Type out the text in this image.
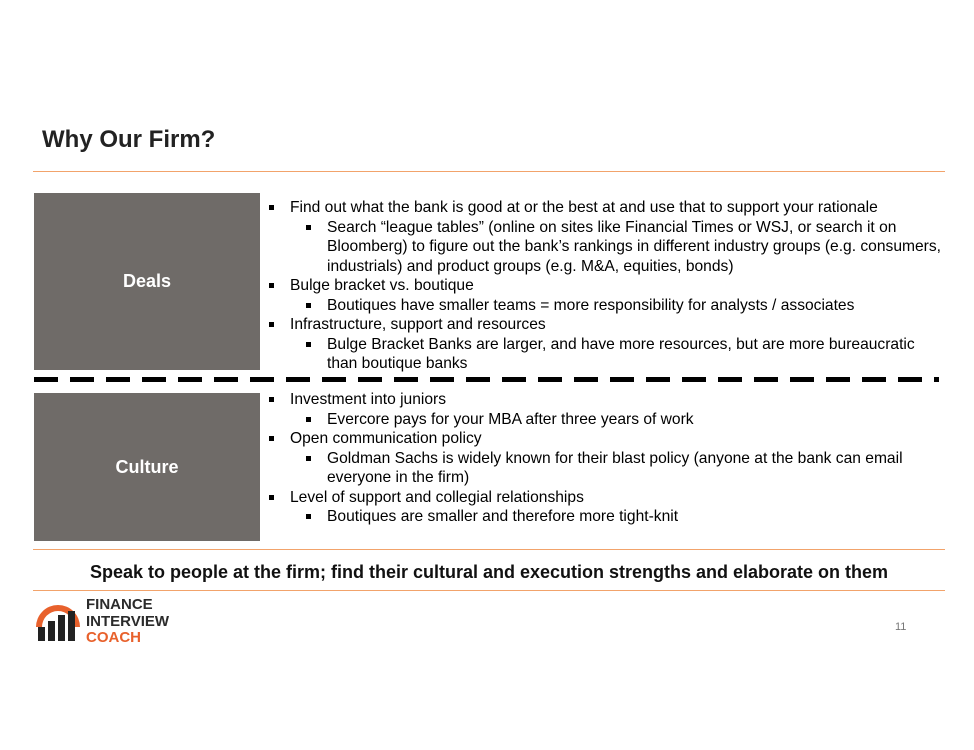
Why Our Firm?
Deals
Find out what the bank is good at or the best at and use that to support your rationale
Search “league tables” (online on sites like Financial Times or WSJ, or search it on Bloomberg) to figure out the bank’s rankings in different industry groups (e.g. consumers, industrials) and product groups (e.g. M&A, equities, bonds)
Bulge bracket vs. boutique
Boutiques have smaller teams = more responsibility for analysts / associates
Infrastructure, support and resources
Bulge Bracket Banks are larger, and have more resources, but are more bureaucratic than boutique banks
Culture
Investment into juniors
Evercore pays for your MBA after three years of work
Open communication policy
Goldman Sachs is widely known for their blast policy (anyone at the bank can email everyone in the firm)
Level of support and collegial relationships
Boutiques are smaller and therefore more tight-knit
Speak to people at the firm; find their cultural and execution strengths and elaborate on them
FINANCE
INTERVIEW
COACH
11
